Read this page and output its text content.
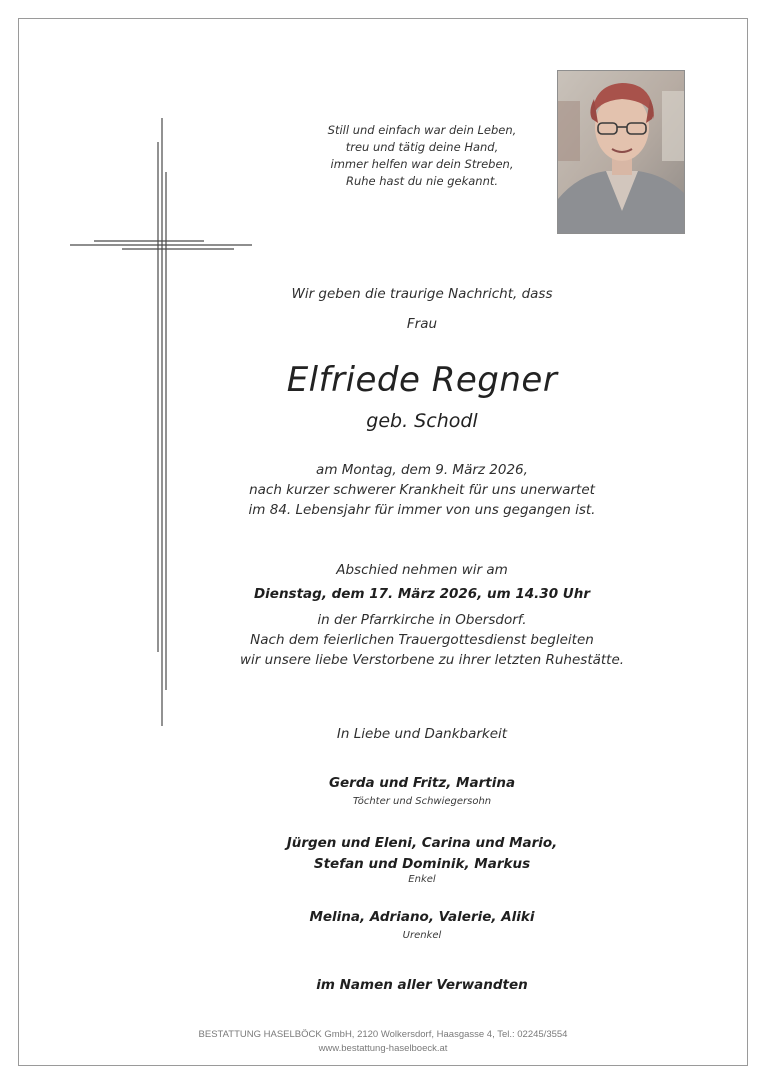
Still und einfach war dein Leben,
treu und tätig deine Hand,
immer helfen war dein Streben,
Ruhe hast du nie gekannt.
Wir geben die traurige Nachricht, dass
Frau
Elfriede Regner
geb. Schodl
am Montag, dem 9. März 2026,
nach kurzer schwerer Krankheit für uns unerwartet
im 84. Lebensjahr für immer von uns gegangen ist.
Abschied nehmen wir am
Dienstag, dem 17. März 2026, um 14.30 Uhr
in der Pfarrkirche in Obersdorf.
Nach dem feierlichen Trauergottesdienst begleiten
wir unsere liebe Verstorbene zu ihrer letzten Ruhestätte.
In Liebe und Dankbarkeit
Gerda und Fritz, Martina
Töchter und Schwiegersohn
Jürgen und Eleni, Carina und Mario,
Stefan und Dominik, Markus
Enkel
Melina, Adriano, Valerie, Aliki
Urenkel
im Namen aller Verwandten
BESTATTUNG HASELBÖCK GmbH, 2120 Wolkersdorf, Haasgasse 4, Tel.: 02245/3554
www.bestattung-haselboeck.at
